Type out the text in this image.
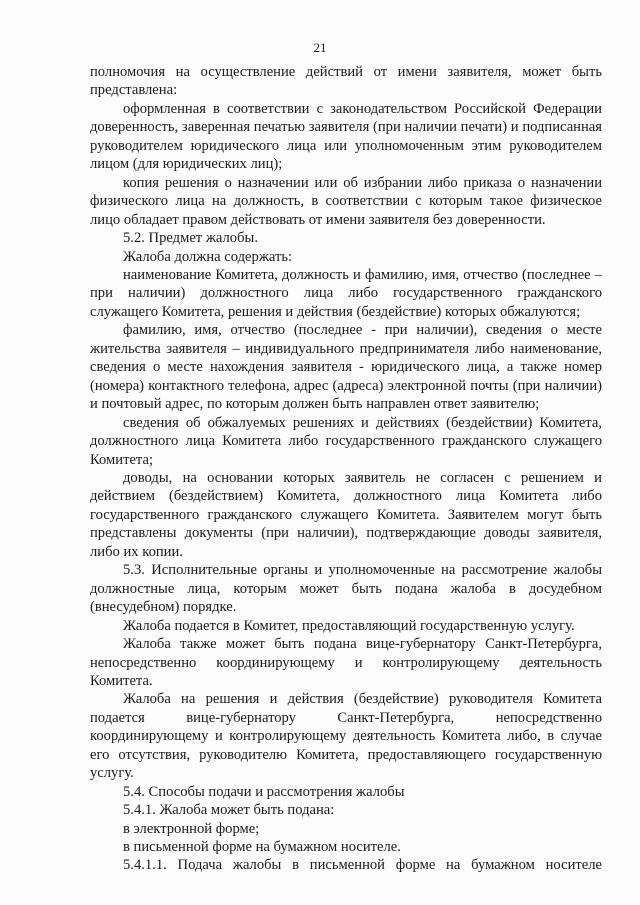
21

полномочия на осуществление действий от имени заявителя, может быть представлена:

оформленная в соответствии с законодательством Российской Федерации доверенность, заверенная печатью заявителя (при наличии печати) и подписанная руководителем юридического лица или уполномоченным этим руководителем лицом (для юридических лиц);

копия решения о назначении или об избрании либо приказа о назначении физического лица на должность, в соответствии с которым такое физическое лицо обладает правом действовать от имени заявителя без доверенности.

5.2. Предмет жалобы.

Жалоба должна содержать:

наименование Комитета, должность и фамилию, имя, отчество (последнее – при наличии) должностного лица либо государственного гражданского служащего Комитета, решения и действия (бездействие) которых обжалуются;

фамилию, имя, отчество (последнее - при наличии), сведения о месте жительства заявителя – индивидуального предпринимателя либо наименование, сведения о месте нахождения заявителя - юридического лица, а также номер (номера) контактного телефона, адрес (адреса) электронной почты (при наличии) и почтовый адрес, по которым должен быть направлен ответ заявителю;

сведения об обжалуемых решениях и действиях (бездействии) Комитета, должностного лица Комитета либо государственного гражданского служащего Комитета;

доводы, на основании которых заявитель не согласен с решением и действием (бездействием) Комитета, должностного лица Комитета либо государственного гражданского служащего Комитета. Заявителем могут быть представлены документы (при наличии), подтверждающие доводы заявителя, либо их копии.

5.3. Исполнительные органы и уполномоченные на рассмотрение жалобы должностные лица, которым может быть подана жалоба в досудебном (внесудебном) порядке.

Жалоба подается в Комитет, предоставляющий государственную услугу.

Жалоба также может быть подана вице-губернатору Санкт-Петербурга, непосредственно координирующему и контролирующему деятельность Комитета.

Жалоба на решения и действия (бездействие) руководителя Комитета подается вице-губернатору Санкт-Петербурга, непосредственно координирующему и контролирующему деятельность Комитета либо, в случае его отсутствия, руководителю Комитета, предоставляющего государственную услугу.

5.4. Способы подачи и рассмотрения жалобы

5.4.1. Жалоба может быть подана:

в электронной форме;

в письменной форме на бумажном носителе.

5.4.1.1. Подача жалобы в письменной форме на бумажном носителе
